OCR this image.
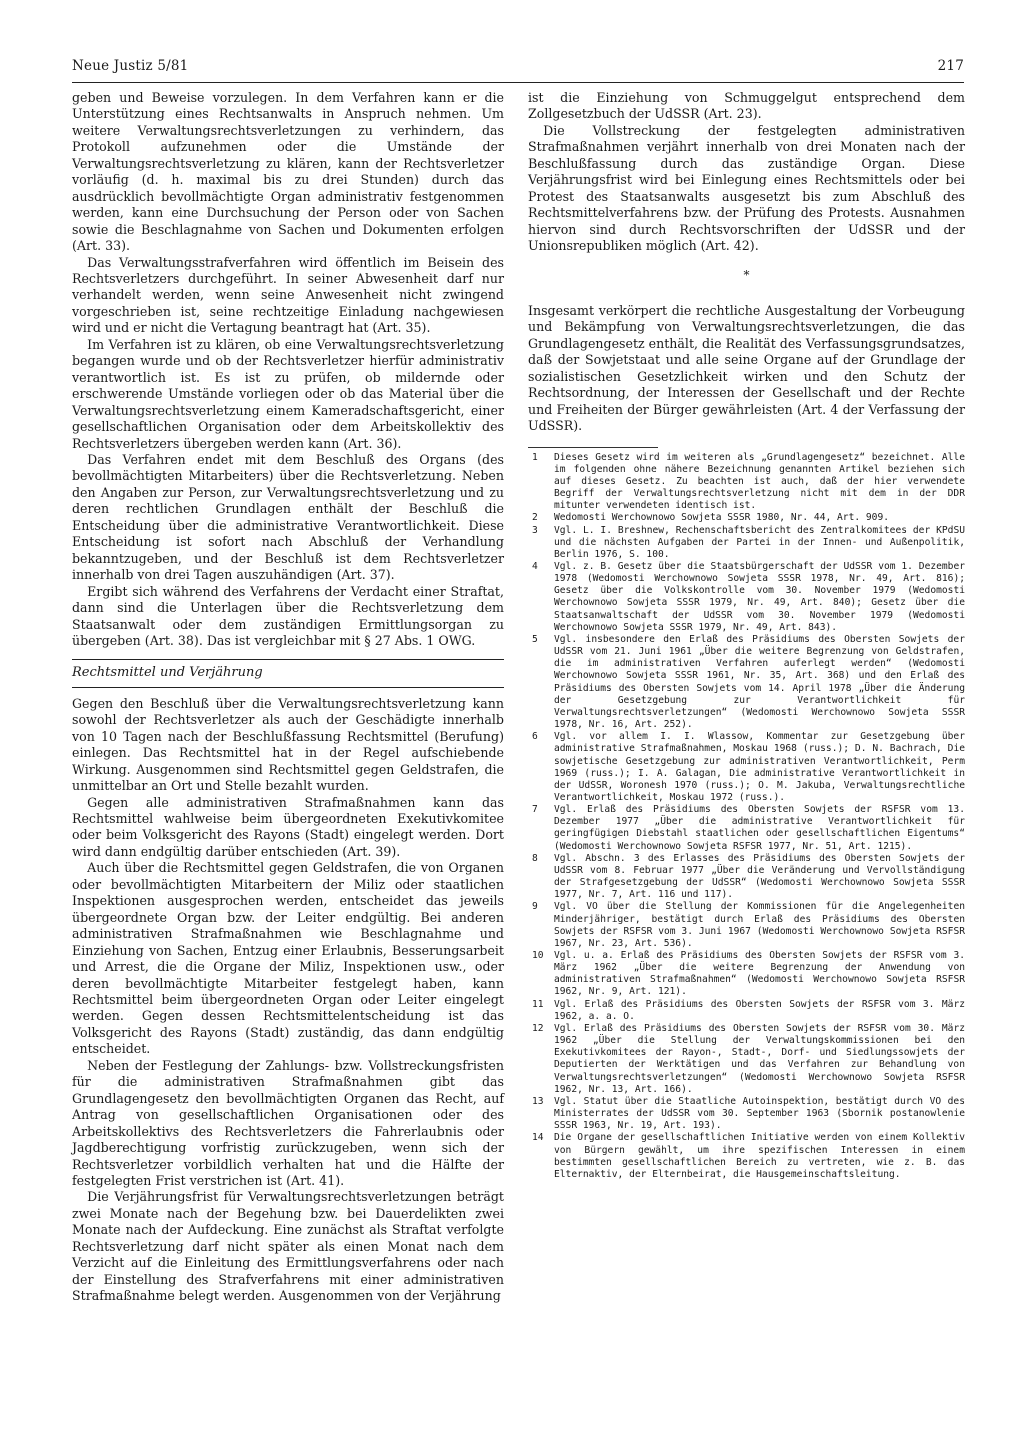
Neue Justiz 5/81	217

geben und Beweise vorzulegen. In dem Verfahren kann er die Unterstützung eines Rechtsanwalts in Anspruch nehmen. Um weitere Verwaltungsrechtsverletzungen zu verhindern, das Protokoll aufzunehmen oder die Umstände der Verwaltungsrechtsverletzung zu klären, kann der Rechtsverletzer vorläufig (d. h. maximal bis zu drei Stunden) durch das ausdrücklich bevollmächtigte Organ administrativ festgenommen werden, kann eine Durchsuchung der Person oder von Sachen sowie die Beschlagnahme von Sachen und Dokumenten erfolgen (Art. 33).

Das Verwaltungsstrafverfahren wird öffentlich im Beisein des Rechtsverletzers durchgeführt. In seiner Abwesenheit darf nur verhandelt werden, wenn seine Anwesenheit nicht zwingend vorgeschrieben ist, seine rechtzeitige Einladung nachgewiesen wird und er nicht die Vertagung beantragt hat (Art. 35).

Im Verfahren ist zu klären, ob eine Verwaltungsrechtsverletzung begangen wurde und ob der Rechtsverletzer hierfür administrativ verantwortlich ist. Es ist zu prüfen, ob mildernde oder erschwerende Umstände vorliegen oder ob das Material über die Verwaltungsrechtsverletzung einem Kameradschaftsgericht, einer gesellschaftlichen Organisation oder dem Arbeitskollektiv des Rechtsverletzers übergeben werden kann (Art. 36).

Das Verfahren endet mit dem Beschluß des Organs (des bevollmächtigten Mitarbeiters) über die Rechtsverletzung. Neben den Angaben zur Person, zur Verwaltungsrechtsverletzung und zu deren rechtlichen Grundlagen enthält der Beschluß die Entscheidung über die administrative Verantwortlichkeit. Diese Entscheidung ist sofort nach Abschluß der Verhandlung bekanntzugeben, und der Beschluß ist dem Rechtsverletzer innerhalb von drei Tagen auszuhändigen (Art. 37).

Ergibt sich während des Verfahrens der Verdacht einer Straftat, dann sind die Unterlagen über die Rechtsverletzung dem Staatsanwalt oder dem zuständigen Ermittlungsorgan zu übergeben (Art. 38). Das ist vergleichbar mit § 27 Abs. 1 OWG.

Rechtsmittel und Verjährung

Gegen den Beschluß über die Verwaltungsrechtsverletzung kann sowohl der Rechtsverletzer als auch der Geschädigte innerhalb von 10 Tagen nach der Beschlußfassung Rechtsmittel (Berufung) einlegen. Das Rechtsmittel hat in der Regel aufschiebende Wirkung. Ausgenommen sind Rechtsmittel gegen Geldstrafen, die unmittelbar an Ort und Stelle bezahlt wurden.

Gegen alle administrativen Strafmaßnahmen kann das Rechtsmittel wahlweise beim übergeordneten Exekutivkomitee oder beim Volksgericht des Rayons (Stadt) eingelegt werden. Dort wird dann endgültig darüber entschieden (Art. 39).

Auch über die Rechtsmittel gegen Geldstrafen, die von Organen oder bevollmächtigten Mitarbeitern der Miliz oder staatlichen Inspektionen ausgesprochen werden, entscheidet das jeweils übergeordnete Organ bzw. der Leiter endgültig. Bei anderen administrativen Strafmaßnahmen wie Beschlagnahme und Einziehung von Sachen, Entzug einer Erlaubnis, Besserungsarbeit und Arrest, die die Organe der Miliz, Inspektionen usw., oder deren bevollmächtigte Mitarbeiter festgelegt haben, kann Rechtsmittel beim übergeordneten Organ oder Leiter eingelegt werden. Gegen dessen Rechtsmittelentscheidung ist das Volksgericht des Rayons (Stadt) zuständig, das dann endgültig entscheidet.

Neben der Festlegung der Zahlungs- bzw. Vollstreckungsfristen für die administrativen Strafmaßnahmen gibt das Grundlagengesetz den bevollmächtigten Organen das Recht, auf Antrag von gesellschaftlichen Organisationen oder des Arbeitskollektivs des Rechtsverletzers die Fahrerlaubnis oder Jagdberechtigung vorfristig zurückzugeben, wenn sich der Rechtsverletzer vorbildlich verhalten hat und die Hälfte der festgelegten Frist verstrichen ist (Art. 41).

Die Verjährungsfrist für Verwaltungsrechtsverletzungen beträgt zwei Monate nach der Begehung bzw. bei Dauerdelikten zwei Monate nach der Aufdeckung. Eine zunächst als Straftat verfolgte Rechtsverletzung darf nicht später als einen Monat nach dem Verzicht auf die Einleitung des Ermittlungsverfahrens oder nach der Einstellung des Strafverfahrens mit einer administrativen Strafmaßnahme belegt werden. Ausgenommen von der Verjährung

ist die Einziehung von Schmuggelgut entsprechend dem Zollgesetzbuch der UdSSR (Art. 23).

Die Vollstreckung der festgelegten administrativen Strafmaßnahmen verjährt innerhalb von drei Monaten nach der Beschlußfassung durch das zuständige Organ. Diese Verjährungsfrist wird bei Einlegung eines Rechtsmittels oder bei Protest des Staatsanwalts ausgesetzt bis zum Abschluß des Rechtsmittelverfahrens bzw. der Prüfung des Protests. Ausnahmen hiervon sind durch Rechtsvorschriften der UdSSR und der Unionsrepubliken möglich (Art. 42).

*

Insgesamt verkörpert die rechtliche Ausgestaltung der Vorbeugung und Bekämpfung von Verwaltungsrechtsverletzungen, die das Grundlagengesetz enthält, die Realität des Verfassungsgrundsatzes, daß der Sowjetstaat und alle seine Organe auf der Grundlage der sozialistischen Gesetzlichkeit wirken und den Schutz der Rechtsordnung, der Interessen der Gesellschaft und der Rechte und Freiheiten der Bürger gewährleisten (Art. 4 der Verfassung der UdSSR).

1	Dieses Gesetz wird im weiteren als „Grundlagengesetz“ bezeichnet. Alle im folgenden ohne nähere Bezeichnung genannten Artikel beziehen sich auf dieses Gesetz. Zu beachten ist auch, daß der hier verwendete Begriff der Verwaltungsrechtsverletzung nicht mit dem in der DDR mitunter verwendeten identisch ist.
2	Wedomosti Werchownowo Sowjeta SSSR 1980, Nr. 44, Art. 909.
3	Vgl. L. I. Breshnew, Rechenschaftsbericht des Zentralkomitees der KPdSU und die nächsten Aufgaben der Partei in der Innen- und Außenpolitik, Berlin 1976, S. 100.
4	Vgl. z. B. Gesetz über die Staatsbürgerschaft der UdSSR vom 1. Dezember 1978 (Wedomosti Werchownowo Sowjeta SSSR 1978, Nr. 49, Art. 816); Gesetz über die Volkskontrolle vom 30. November 1979 (Wedomosti Werchownowo Sowjeta SSSR 1979, Nr. 49, Art. 840); Gesetz über die Staatsanwaltschaft der UdSSR vom 30. November 1979 (Wedomosti Werchownowo Sowjeta SSSR 1979, Nr. 49, Art. 843).
5	Vgl. insbesondere den Erlaß des Präsidiums des Obersten Sowjets der UdSSR vom 21. Juni 1961 „Über die weitere Begrenzung von Geldstrafen, die im administrativen Verfahren auferlegt werden“ (Wedomosti Werchownowo Sowjeta SSSR 1961, Nr. 35, Art. 368) und den Erlaß des Präsidiums des Obersten Sowjets vom 14. April 1978 „Über die Änderung der Gesetzgebung zur Verantwortlichkeit für Verwaltungsrechtsverletzungen“ (Wedomosti Werchownowo Sowjeta SSSR 1978, Nr. 16, Art. 252).
6	Vgl. vor allem I. I. Wlassow, Kommentar zur Gesetzgebung über administrative Strafmaßnahmen, Moskau 1968 (russ.); D. N. Bachrach, Die sowjetische Gesetzgebung zur administrativen Verantwortlichkeit, Perm 1969 (russ.); I. A. Galagan, Die administrative Verantwortlichkeit in der UdSSR, Woronesh 1970 (russ.); O. M. Jakuba, Verwaltungsrechtliche Verantwortlichkeit, Moskau 1972 (russ.).
7	Vgl. Erlaß des Präsidiums des Obersten Sowjets der RSFSR vom 13. Dezember 1977 „Über die administrative Verantwortlichkeit für geringfügigen Diebstahl staatlichen oder gesellschaftlichen Eigentums“ (Wedomosti Werchownowo Sowjeta RSFSR 1977, Nr. 51, Art. 1215).
8	Vgl. Abschn. 3 des Erlasses des Präsidiums des Obersten Sowjets der UdSSR vom 8. Februar 1977 „Über die Veränderung und Vervollständigung der Strafgesetzgebung der UdSSR“ (Wedomosti Werchownowo Sowjeta SSSR 1977, Nr. 7, Art. 116 und 117).
9	Vgl. VO über die Stellung der Kommissionen für die Angelegenheiten Minderjähriger, bestätigt durch Erlaß des Präsidiums des Obersten Sowjets der RSFSR vom 3. Juni 1967 (Wedomosti Werchownowo Sowjeta RSFSR 1967, Nr. 23, Art. 536).
10	Vgl. u. a. Erlaß des Präsidiums des Obersten Sowjets der RSFSR vom 3. März 1962 „Über die weitere Begrenzung der Anwendung von administrativen Strafmaßnahmen“ (Wedomosti Werchownowo Sowjeta RSFSR 1962, Nr. 9, Art. 121).
11	Vgl. Erlaß des Präsidiums des Obersten Sowjets der RSFSR vom 3. März 1962, a. a. O.
12	Vgl. Erlaß des Präsidiums des Obersten Sowjets der RSFSR vom 30. März 1962 „Über die Stellung der Verwaltungskommissionen bei den Exekutivkomitees der Rayon-, Stadt-, Dorf- und Siedlungssowjets der Deputierten der Werktätigen und das Verfahren zur Behandlung von Verwaltungsrechtsverletzungen“ (Wedomosti Werchownowo Sowjeta RSFSR 1962, Nr. 13, Art. 166).
13	Vgl. Statut über die Staatliche Autoinspektion, bestätigt durch VO des Ministerrates der UdSSR vom 30. September 1963 (Sbornik postanowlenie SSSR 1963, Nr. 19, Art. 193).
14	Die Organe der gesellschaftlichen Initiative werden von einem Kollektiv von Bürgern gewählt, um ihre spezifischen Interessen in einem bestimmten gesellschaftlichen Bereich zu vertreten, wie z. B. das Elternaktiv, der Elternbeirat, die Hausgemeinschaftsleitung.
